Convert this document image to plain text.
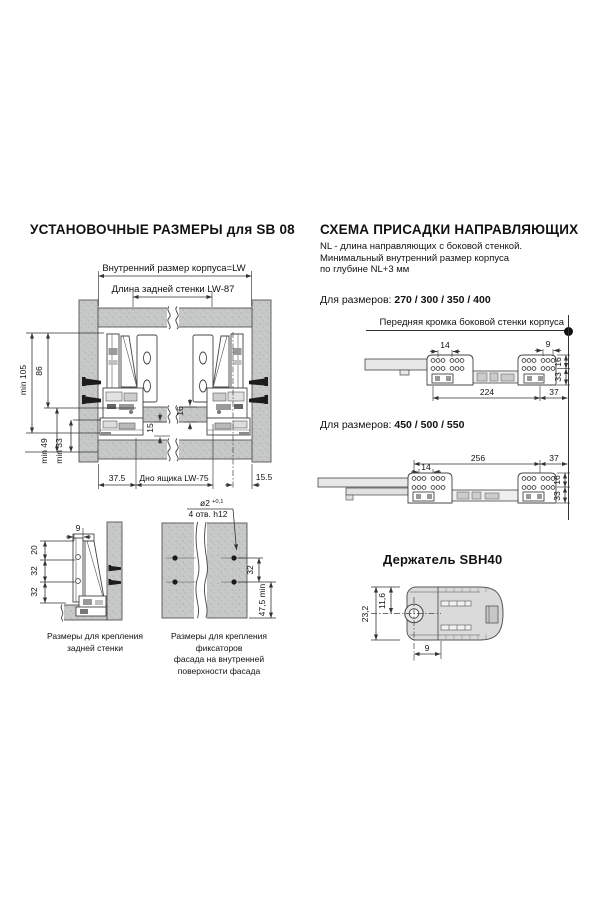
УСТАНОВОЧНЫЕ РАЗМЕРЫ для SB 08 СХЕМА ПРИСАДКИ НАПРАВЛЯЮЩИХ
NL - длина направляющих с боковой стенкой.
Минимальный внутренний размер корпуса
по глубине NL+3 мм
Для размеров: 270 / 300 / 350 / 400
Передняя кромка боковой стенки корпуса
Для размеров: 450 / 500 / 550
Держатель SBH40
Размеры для крепления
задней стенки
Размеры для крепления фиксаторов
фасада на внутренней
поверхности фасада
Внутренний размер корпуса=LW
Длина задней стенки LW-87
min 105 86
min 49 min 33
16
15
37.5 Дно ящика LW-75	15.5
9
20
32
32
ø2 +0,1
4 отв. h12
32
47,5 min
14	9
16
33
224	37
256	37
14
16
33
23,2
11,6
9
